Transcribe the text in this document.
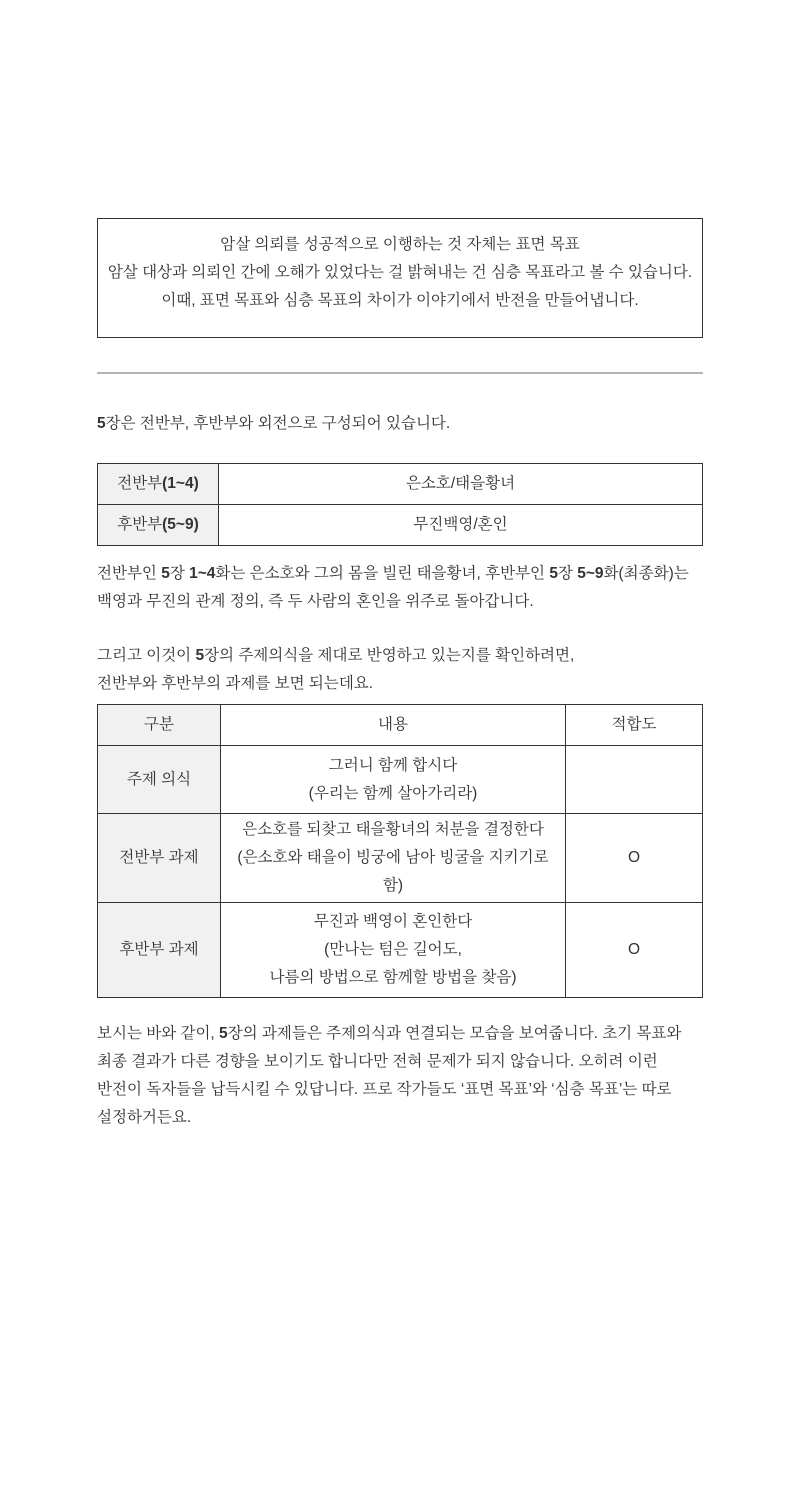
암살 의뢰를 성공적으로 이행하는 것 자체는 표면 목표
암살 대상과 의뢰인 간에 오해가 있었다는 걸 밝혀내는 건 심층 목표라고 볼 수 있습니다.
이때, 표면 목표와 심층 목표의 차이가 이야기에서 반전을 만들어냅니다.

5장은 전반부, 후반부와 외전으로 구성되어 있습니다.

전반부(1~4)	은소호/태을황녀
후반부(5~9)	무진백영/혼인

전반부인 5장 1~4화는 은소호와 그의 몸을 빌린 태을황녀, 후반부인 5장 5~9화(최종화)는
백영과 무진의 관계 정의, 즉 두 사람의 혼인을 위주로 돌아갑니다.

그리고 이것이 5장의 주제의식을 제대로 반영하고 있는지를 확인하려면,
전반부와 후반부의 과제를 보면 되는데요.

구분	내용	적합도
주제 의식	그러니 함께 합시다
(우리는 함께 살아가리라)	
전반부 과제	은소호를 되찾고 태을황녀의 처분을 결정한다
(은소호와 태을이 빙궁에 남아 빙굴을 지키기로
함)	O
후반부 과제	무진과 백영이 혼인한다
(만나는 텀은 길어도,
나름의 방법으로 함께할 방법을 찾음)	O

보시는 바와 같이, 5장의 과제들은 주제의식과 연결되는 모습을 보여줍니다. 초기 목표와
최종 결과가 다른 경향을 보이기도 합니다만 전혀 문제가 되지 않습니다. 오히려 이런
반전이 독자들을 납득시킬 수 있답니다. 프로 작가들도 ‘표면 목표’와 ‘심층 목표’는 따로
설정하거든요.
